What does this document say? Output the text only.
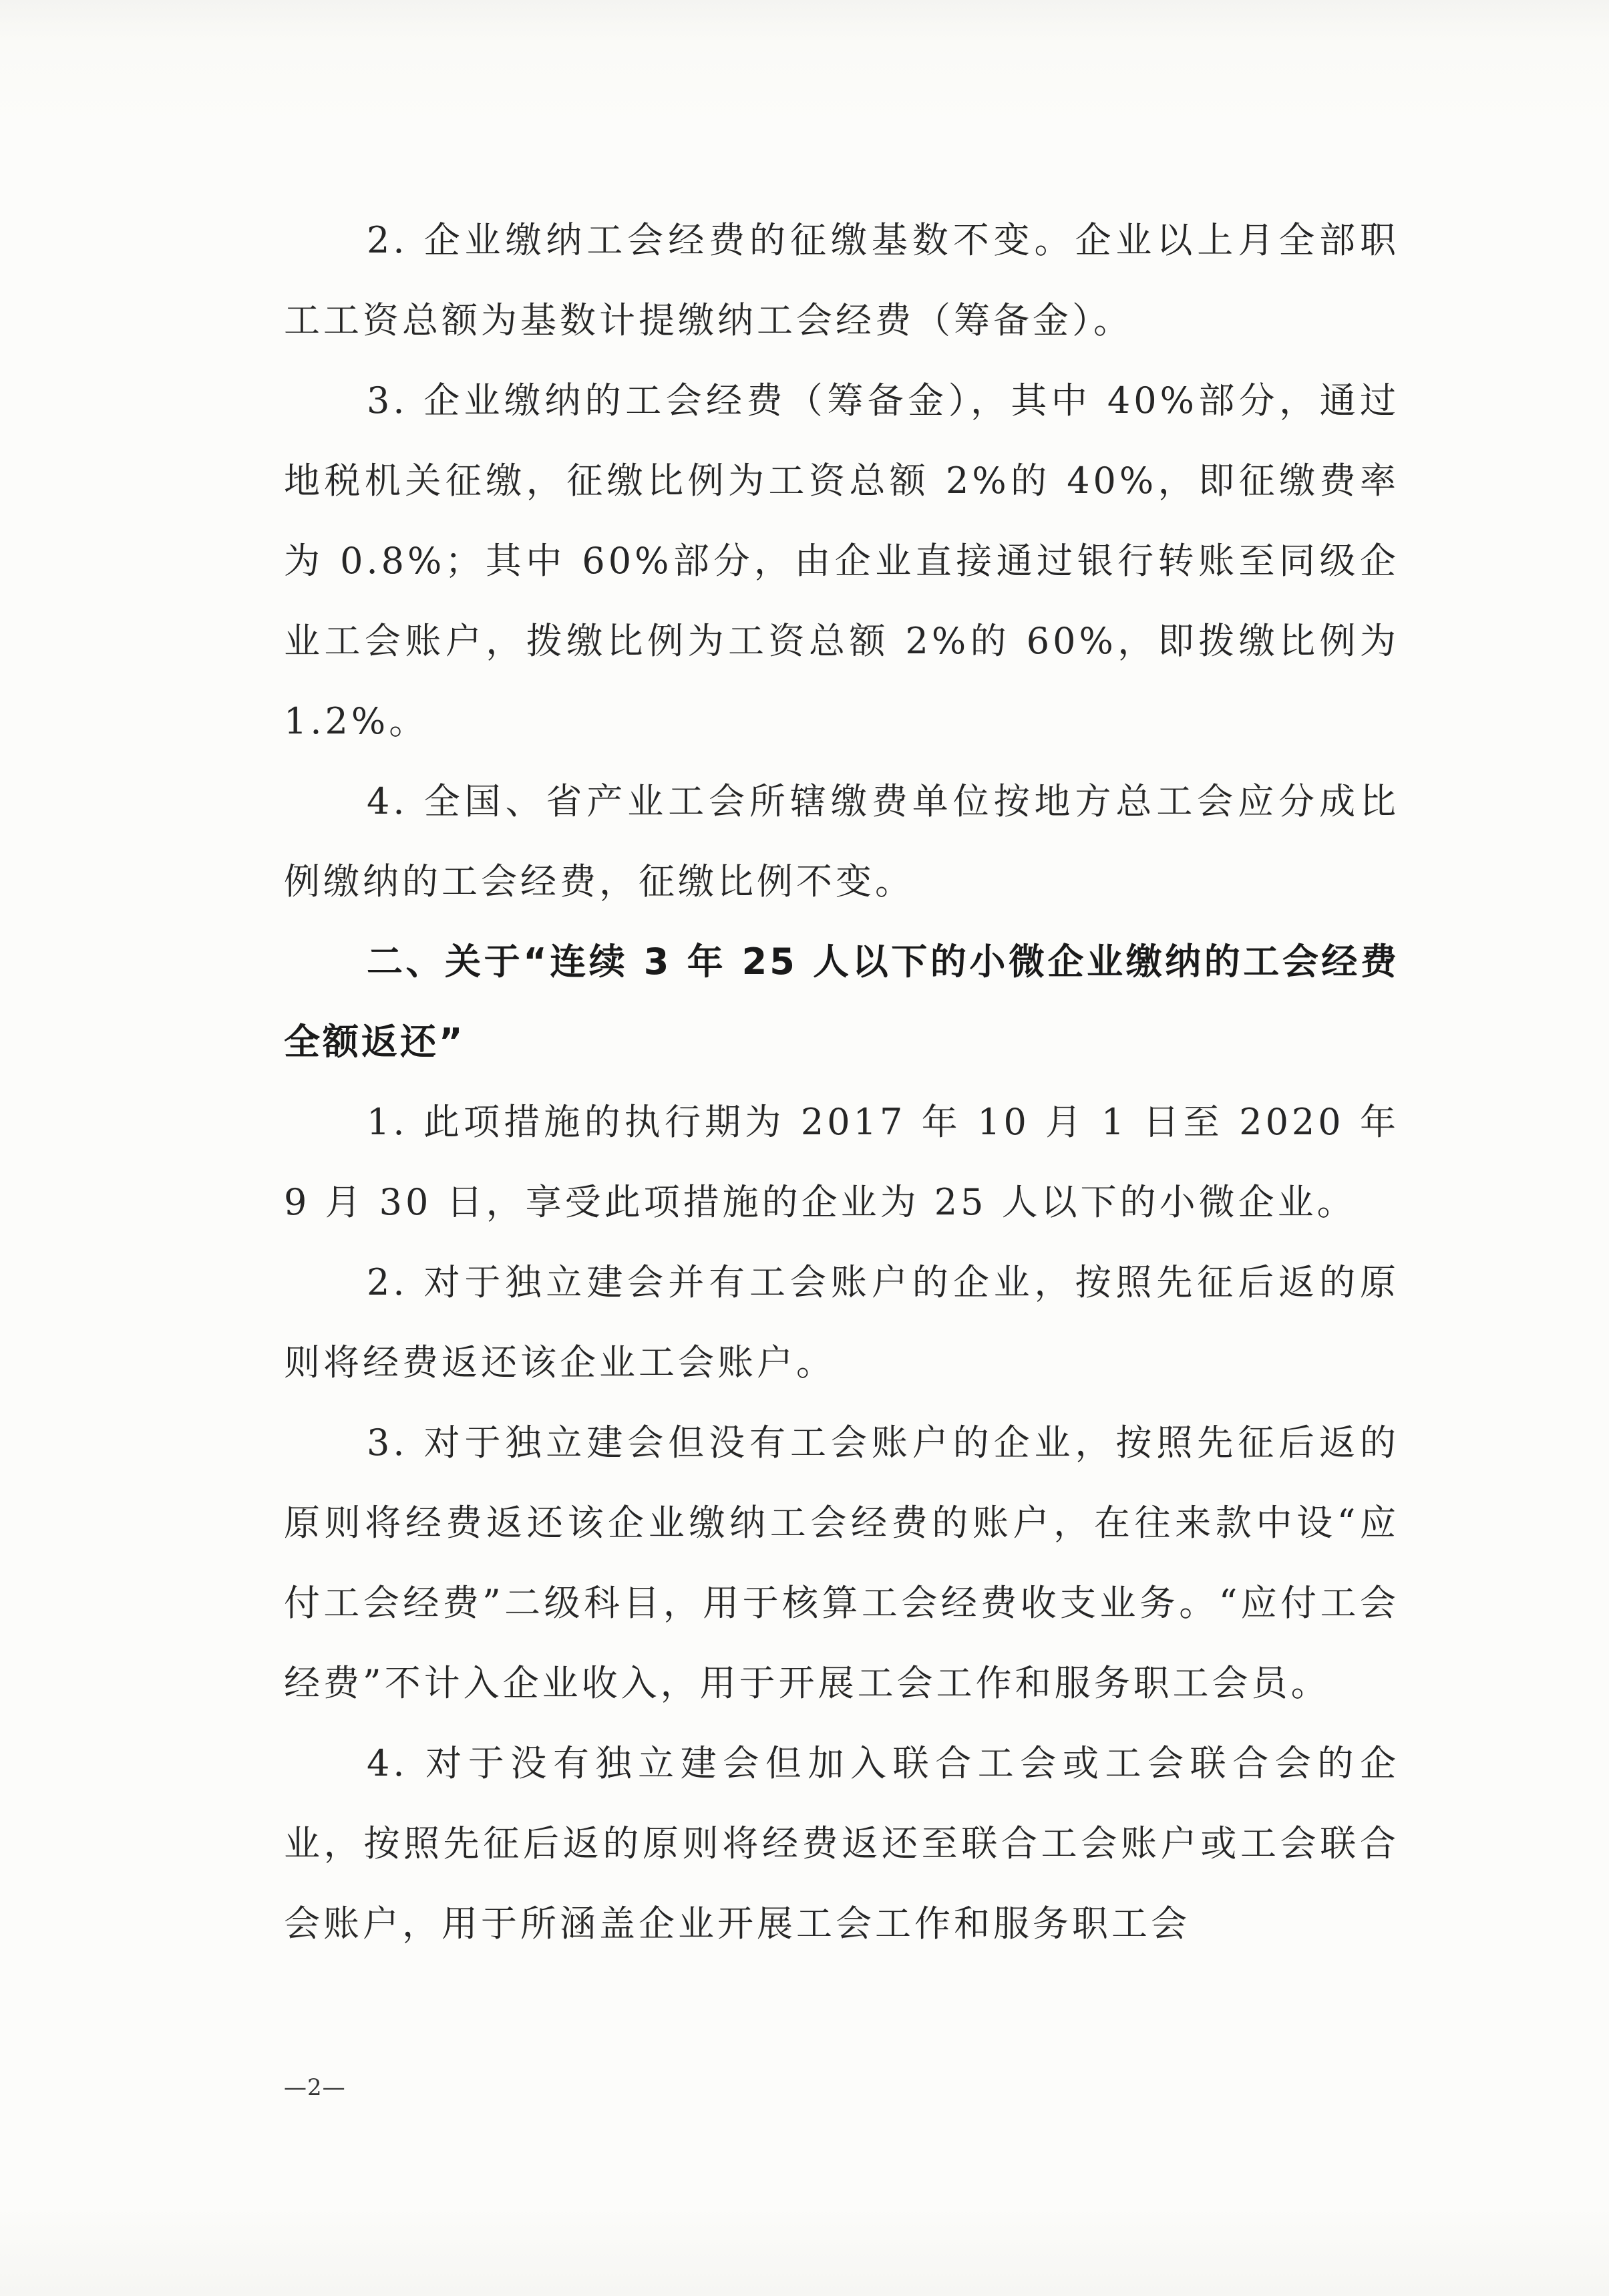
2. 企业缴纳工会经费的征缴基数不变。企业以上月全部职工工资总额为基数计提缴纳工会经费（筹备金）。

3. 企业缴纳的工会经费（筹备金），其中 40%部分，通过地税机关征缴，征缴比例为工资总额 2%的 40%，即征缴费率为 0.8%；其中 60%部分，由企业直接通过银行转账至同级企业工会账户，拨缴比例为工资总额 2%的 60%，即拨缴比例为 1.2%。

4. 全国、省产业工会所辖缴费单位按地方总工会应分成比例缴纳的工会经费，征缴比例不变。

二、关于“连续 3 年 25 人以下的小微企业缴纳的工会经费全额返还”

1. 此项措施的执行期为 2017 年 10 月 1 日至 2020 年 9 月 30 日，享受此项措施的企业为 25 人以下的小微企业。

2. 对于独立建会并有工会账户的企业，按照先征后返的原则将经费返还该企业工会账户。

3. 对于独立建会但没有工会账户的企业，按照先征后返的原则将经费返还该企业缴纳工会经费的账户，在往来款中设“应付工会经费”二级科目，用于核算工会经费收支业务。“应付工会经费”不计入企业收入，用于开展工会工作和服务职工会员。

4. 对于没有独立建会但加入联合工会或工会联合会的企业，按照先征后返的原则将经费返还至联合工会账户或工会联合会账户，用于所涵盖企业开展工会工作和服务职工会

—2—
